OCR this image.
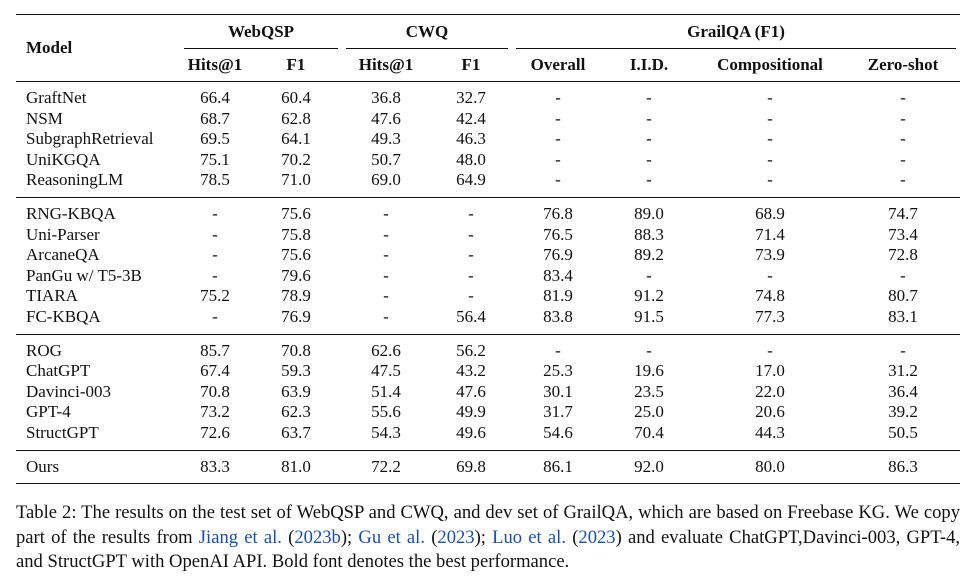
Model	WebQSP		CWQ		GrailQA (F1)			
	Hits@1	F1	Hits@1	F1	Overall	I.I.D.	Compositional	Zero-shot
GraftNet	66.4	60.4	36.8	32.7	-	-	-	-
NSM	68.7	62.8	47.6	42.4	-	-	-	-
SubgraphRetrieval	69.5	64.1	49.3	46.3	-	-	-	-
UniKGQA	75.1	70.2	50.7	48.0	-	-	-	-
ReasoningLM	78.5	71.0	69.0	64.9	-	-	-	-
RNG-KBQA	-	75.6	-	-	76.8	89.0	68.9	74.7
Uni-Parser	-	75.8	-	-	76.5	88.3	71.4	73.4
ArcaneQA	-	75.6	-	-	76.9	89.2	73.9	72.8
PanGu w/ T5-3B	-	79.6	-	-	83.4	-	-	-
TIARA	75.2	78.9	-	-	81.9	91.2	74.8	80.7
FC-KBQA	-	76.9	-	56.4	83.8	91.5	77.3	83.1
ROG	85.7	70.8	62.6	56.2	-	-	-	-
ChatGPT	67.4	59.3	47.5	43.2	25.3	19.6	17.0	31.2
Davinci-003	70.8	63.9	51.4	47.6	30.1	23.5	22.0	36.4
GPT-4	73.2	62.3	55.6	49.9	31.7	25.0	20.6	39.2
StructGPT	72.6	63.7	54.3	49.6	54.6	70.4	44.3	50.5
Ours	83.3	81.0	72.2	69.8	86.1	92.0	80.0	86.3
Table 2: The results on the test set of WebQSP and CWQ, and dev set of GrailQA, which are based on Freebase KG. We copy part of the results from Jiang et al. (2023b); Gu et al. (2023); Luo et al. (2023) and evaluate ChatGPT,Davinci-003, GPT-4, and StructGPT with OpenAI API. Bold font denotes the best performance.
